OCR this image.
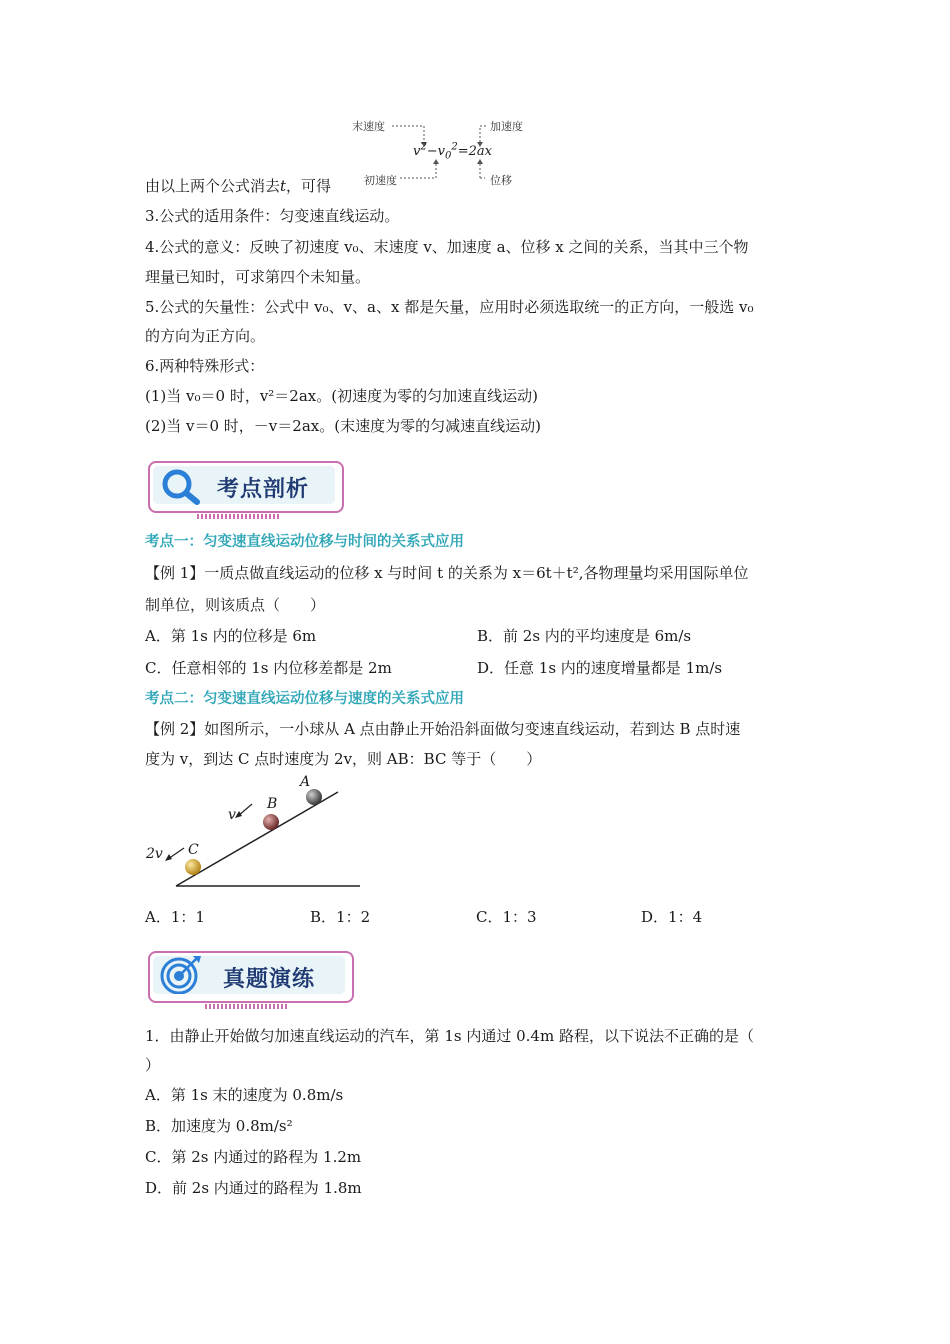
末速度	加速度
$v^2-v_0^2=2ax$
初速度	位移
由以上两个公式消去t，可得
3.公式的适用条件：匀变速直线运动。
4.公式的意义：反映了初速度 v₀、末速度 v、加速度 a、位移 x 之间的关系，当其中三个物
理量已知时，可求第四个未知量。
5.公式的矢量性：公式中 v₀、v、a、x 都是矢量，应用时必须选取统一的正方向，一般选 v₀
的方向为正方向。
6.两种特殊形式：
(1)当 v₀＝0 时，v²＝2ax。(初速度为零的匀加速直线运动)
(2)当 v＝0 时，－v＝2ax。(末速度为零的匀减速直线运动)
考点剖析
考点一：匀变速直线运动位移与时间的关系式应用
【例 1】一质点做直线运动的位移 x 与时间 t 的关系为 x＝6t＋t²,各物理量均采用国际单位
制单位，则该质点（　　）
A．第 1s 内的位移是 6m	B．前 2s 内的平均速度是 6m/s
C．任意相邻的 1s 内位移差都是 2m	D．任意 1s 内的速度增量都是 1m/s
考点二：匀变速直线运动位移与速度的关系式应用
【例 2】如图所示，一小球从 A 点由静止开始沿斜面做匀变速直线运动，若到达 B 点时速
度为 v，到达 C 点时速度为 2v，则 AB：BC 等于（　　）
A
B
C
v
2v
A．1：1	B．1：2	C．1：3	D．1：4
真题演练
1．由静止开始做匀加速直线运动的汽车，第 1s 内通过 0.4m 路程，以下说法不正确的是（
）
A．第 1s 末的速度为 0.8m/s
B．加速度为 0.8m/s²
C．第 2s 内通过的路程为 1.2m
D．前 2s 内通过的路程为 1.8m
